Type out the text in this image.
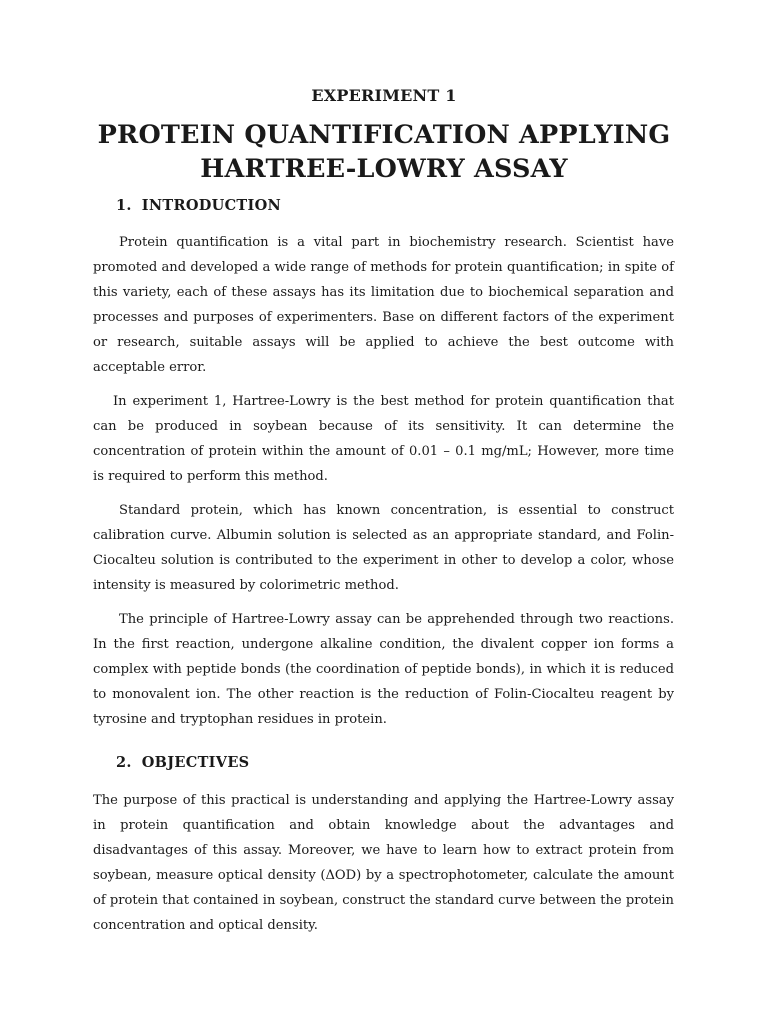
EXPERIMENT 1
PROTEIN QUANTIFICATION APPLYING
HARTREE-LOWRY ASSAY
1. INTRODUCTION

Protein quantification is a vital part in biochemistry research. Scientist have promoted and developed a wide range of methods for protein quantification; in spite of this variety, each of these assays has its limitation due to biochemical separation and processes and purposes of experimenters. Base on different factors of the experiment or research, suitable assays will be applied to achieve the best outcome with acceptable error.

In experiment 1, Hartree-Lowry is the best method for protein quantification that can be produced in soybean because of its sensitivity. It can determine the concentration of protein within the amount of 0.01 – 0.1 mg/mL; However, more time is required to perform this method.

Standard protein, which has known concentration, is essential to construct calibration curve. Albumin solution is selected as an appropriate standard, and Folin-Ciocalteu solution is contributed to the experiment in other to develop a color, whose intensity is measured by colorimetric method.

The principle of Hartree-Lowry assay can be apprehended through two reactions. In the first reaction, undergone alkaline condition, the divalent copper ion forms a complex with peptide bonds (the coordination of peptide bonds), in which it is reduced to monovalent ion. The other reaction is the reduction of Folin-Ciocalteu reagent by tyrosine and tryptophan residues in protein.

2. OBJECTIVES

The purpose of this practical is understanding and applying the Hartree-Lowry assay in protein quantification and obtain knowledge about the advantages and disadvantages of this assay. Moreover, we have to learn how to extract protein from soybean, measure optical density (ΔOD) by a spectrophotometer, calculate the amount of protein that contained in soybean, construct the standard curve between the protein concentration and optical density.
